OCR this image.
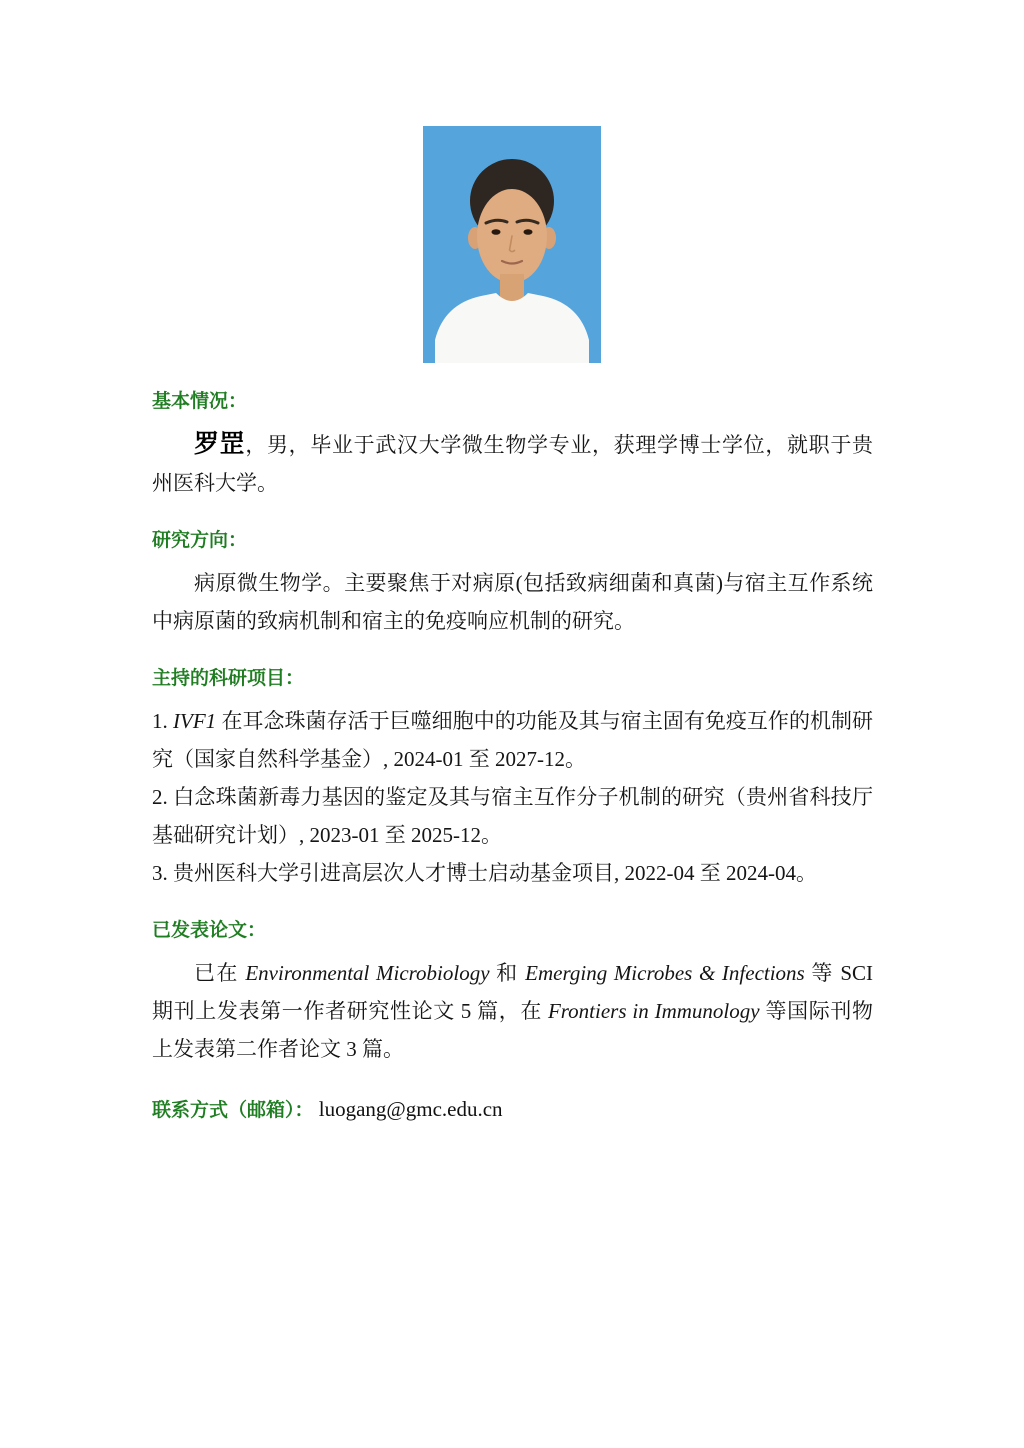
基本情况：

罗罡，男，毕业于武汉大学微生物学专业，获理学博士学位，就职于贵州医科大学。

研究方向：

病原微生物学。主要聚焦于对病原(包括致病细菌和真菌)与宿主互作系统中病原菌的致病机制和宿主的免疫响应机制的研究。

主持的科研项目：

1. IVF1 在耳念珠菌存活于巨噬细胞中的功能及其与宿主固有免疫互作的机制研究（国家自然科学基金）, 2024-01 至 2027-12。

2. 白念珠菌新毒力基因的鉴定及其与宿主互作分子机制的研究（贵州省科技厅基础研究计划）, 2023-01 至 2025-12。

3. 贵州医科大学引进高层次人才博士启动基金项目, 2022-04 至 2024-04。

已发表论文：

已在 Environmental Microbiology 和 Emerging Microbes & Infections 等 SCI 期刊上发表第一作者研究性论文 5 篇，在 Frontiers in Immunology 等国际刊物上发表第二作者论文 3 篇。

联系方式（邮箱）： luogang@gmc.edu.cn
